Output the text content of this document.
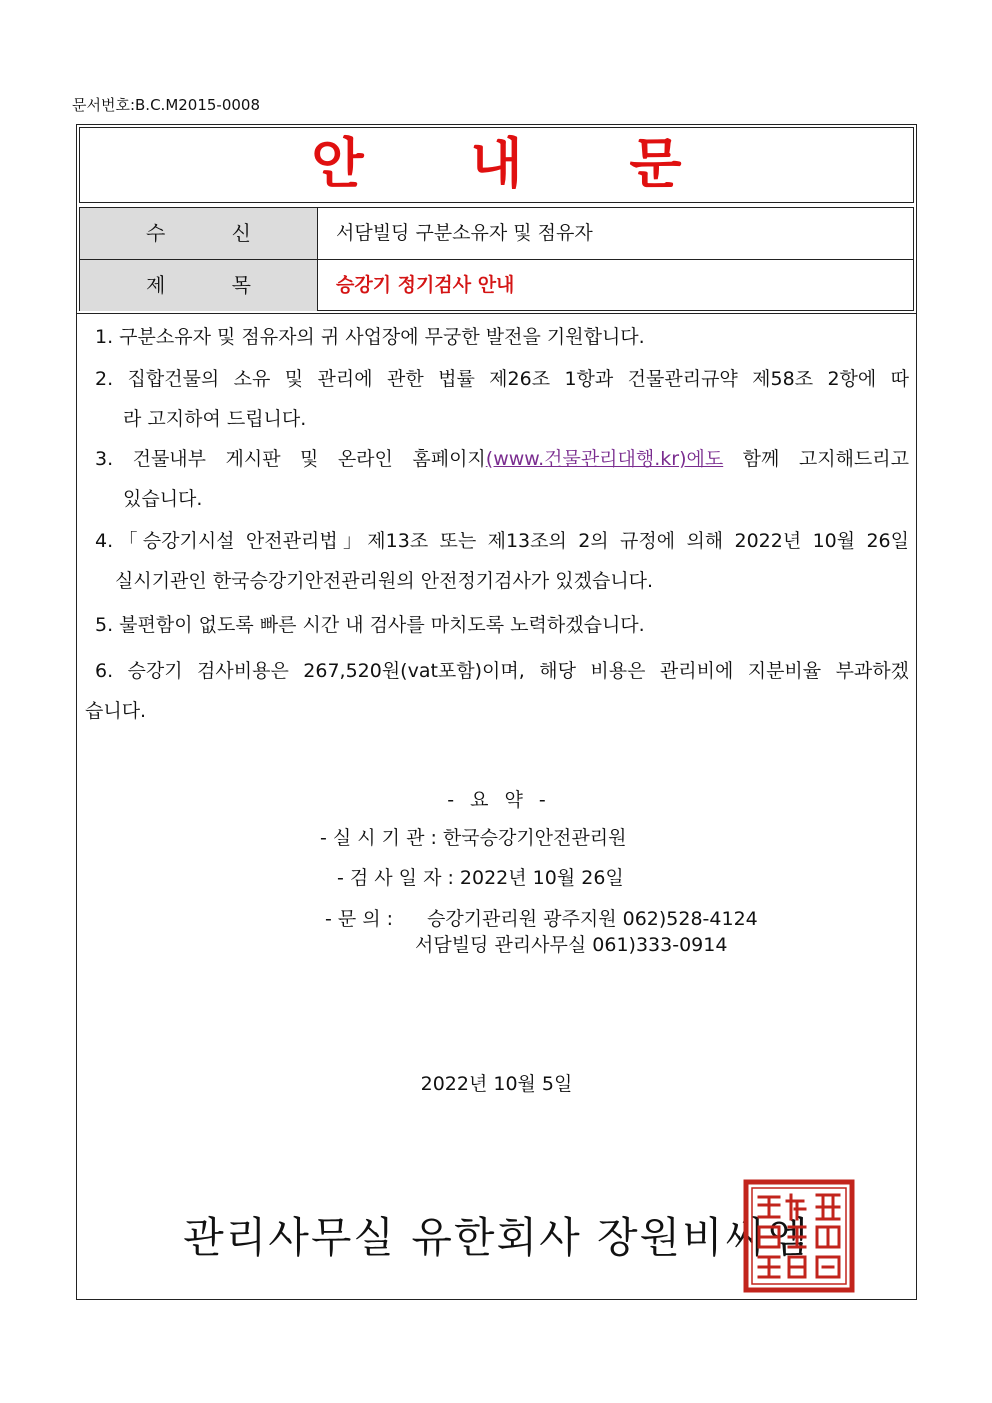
문서번호:B.C.M2015-0008
안 내 문
수 신	서담빌딩 구분소유자 및 점유자
제 목	승강기 정기검사 안내
1. 구분소유자 및 점유자의 귀 사업장에 무궁한 발전을 기원합니다.
2. 집합건물의 소유 및 관리에 관한 법률 제26조 1항과 건물관리규약 제58조 2항에 따
라 고지하여 드립니다.
3. 건물내부 게시판 및 온라인 홈페이지(www.건물관리대행.kr)에도 함께 고지해드리고
있습니다.
4.「승강기시설 안전관리법」제13조 또는 제13조의 2의 규정에 의해 2022년 10월 26일
실시기관인 한국승강기안전관리원의 안전정기검사가 있겠습니다.
5. 불편함이 없도록 빠른 시간 내 검사를 마치도록 노력하겠습니다.
6. 승강기 검사비용은 267,520원(vat포함)이며, 해당 비용은 관리비에 지분비율 부과하겠
습니다.
- 요 약 -
- 실 시 기 관 : 한국승강기안전관리원
- 검 사 일 자 : 2022년 10월 26일
- 문 의 : 승강기관리원 광주지원 062)528-4124
서담빌딩 관리사무실 061)333-0914
2022년 10월 5일
관리사무실 유한회사 장원비씨엠
